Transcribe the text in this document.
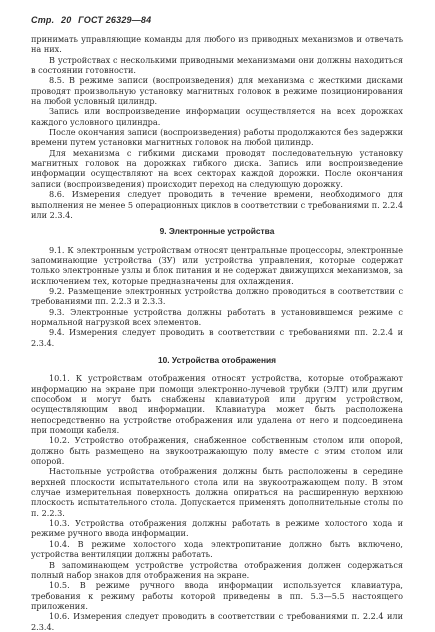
Стр. 20 ГОСТ 26329—84

принимать управляющие команды для любого из приводных механизмов и отвечать на них.

В устройствах с несколькими приводными механизмами они должны находиться в состоянии готовности.

8.5. В режиме записи (воспроизведения) для механизма с жесткими дисками проводят произвольную установку магнитных головок в режиме позиционирования на любой условный цилиндр.

Запись или воспроизведение информации осуществляется на всех дорожках каждого условного цилиндра.

После окончания записи (воспроизведения) работы продолжаются без задержки времени путем установки магнитных головок на любой цилиндр.

Для механизма с гибкими дисками проводят последовательную установку магнитных головок на дорожках гибкого диска. Запись или воспроизведение информации осуществляют на всех секторах каждой дорожки. После окончания записи (воспроизведения) происходит переход на следующую дорожку.

8.6. Измерения следует проводить в течение времени, необходимого для выполнения не менее 5 операционных циклов в соответствии с требованиями п. 2.2.4 или 2.3.4.

9. Электронные устройства

9.1. К электронным устройствам относят центральные процессоры, электронные запоминающие устройства (ЗУ) или устройства управления, которые содержат только электронные узлы и блок питания и не содержат движущихся механизмов, за исключением тех, которые предназначены для охлаждения.

9.2. Размещение электронных устройства должно проводиться в соответствии с требованиями пп. 2.2.3 и 2.3.3.

9.3. Электронные устройства должны работать в установившемся режиме с нормальной нагрузкой всех элементов.

9.4. Измерения следует проводить в соответствии с требованиями пп. 2.2.4 и 2.3.4.

10. Устройства отображения

10.1. К устройствам отображения относят устройства, которые отображают информацию на экране при помощи электронно-лучевой трубки (ЭЛТ) или другим способом и могут быть снабжены клавиатурой или другим устройством, осуществляющим ввод информации. Клавиатура может быть расположена непосредственно на устройстве отображения или удалена от него и подсоединена при помощи кабеля.

10.2. Устройство отображения, снабженное собственным столом или опорой, должно быть размещено на звукоотражающую полу вместе с этим столом или опорой.

Настольные устройства отображения должны быть расположены в середине верхней плоскости испытательного стола или на звукоотражающем полу. В этом случае измерительная поверхность должна опираться на расширенную верхнюю плоскость испытательного стола. Допускается применять дополнительные столы по п. 2.2.3.

10.3. Устройства отображения должны работать в режиме холостого хода и режиме ручного ввода информации.

10.4. В режиме холостого хода электропитание должно быть включено, устройства вентиляции должны работать.

В запоминающем устройстве устройства отображения должен содержаться полный набор знаков для отображения на экране.

10.5. В режиме ручного ввода информации используется клавиатура, требования к режиму работы которой приведены в пп. 5.3—5.5 настоящего приложения.

10.6. Измерения следует проводить в соответствии с требованиями п. 2.2.4 или 2.3.4.
